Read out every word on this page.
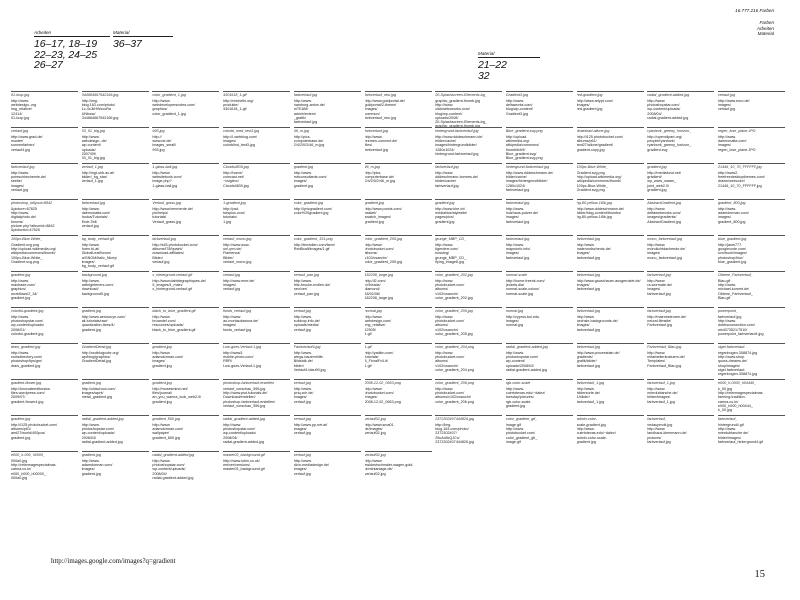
16.777.216 Farben
Farben
Arbeiten
Material
Arbeiten
16–17, 18–19
22–23, 24–25
26–27
Material
36–37
Material
21–22
32
01-loop.jpg
http://www.
webdesign-.org
img_relative/
12414/
01-loop.jpg
344684667542166.jpg
http://img.
blog.163.com/photo/
1c-4cJkHWxcuRa
UNbww/
344684667542166.jpg
color_gradient_1.jpg
http://www.
webdevelopersnotes.com/
graphics/
color_gradient_1.jpg
4301618_1.gif
http://reichelts.org/
produkte/
4301618_1.gif
farbverlauf.jpg
http://www.
hamburg-anton.de/
mTEAM/
admin/extern/
_grafik/
farbverlauf.jpg
farbverlauf_neu.jpg
http://www.goldportal.de/
goldportal/2-theme/
images/
common/
farbverlauf_neu.jpg
20-Splashscreen-Elements-bg_
graphic_gradient-thumb.jpg
http://www.
clickweboworks.com/
blog/wp-content/
uploads/2008/
20-Splashscreen-Elements-bg_
graphic_gradient-thumb.jpg
Gradient3.jpg
http://www.
deltaworks.com/
blog/wp-content/
Gradient3.jpg
red-gradient.jpg
http://www.artypt.com/
images/
red-gradient.jpg
radial_gradient-added.jpg
http://www.
photoshopstar.com/
wp-content/uploads/
2008/04/
radial-gradient-added.jpg
verlauf.jpg
http://www.euro.de/
images/
verlauf.jpg
verlauf.jpg
http://www.grad.de/
muster/
sonnenfarben/
verlauf4.jpg
03_01_big.jpg
http://www.
webdesign-.de/
wp-content/
uploads/
2007/09/
03_01_big.jpg
993.jpg
http://
www.rai.de/
images_small/
993.jpg
colorbl_med_test3.jpg
http://i-webblog.com/
images/
colorblind_test3.jpg
46_m.jpg
http://pics.
computerbase.de/
2/4/2/0/2/46_m.jpg
farbverlauf.jpg
http://www.
bremen-connect.de/
files/
farbverlauf.jpg
hintergrund-farbverlauf.jpg
http://www.dddeschmann.de/
bilder/cache/
images/hintergrundbilder/
1280x1024/
hintergrund-farbverlauf.jpg
Blue_gradient.svg.png
http://upload.
wikimedia.org/
wikipedia/commons/
thumb/b/b9/
Blue_gradient.svg/
Blue_gradient.svg.png
download-allone.jpg
http://i125.photobucket.com/
albums/p61/
amt27/allone/gradient/
gradient-copy.jpg
ryanbork_greeny_horizon_
http://openclipart.org/
people/ryanbork/
ryanbork_greeny_horizon_
gradient.svg
regen_lose_plane.JPG
http://www.
daemonatta.com/
images/
regen_lose_plane.JPG
farbverlauf.jpg
http://www.
poreschkechemie.de/
seetie/
images/
verlauf.jpg
verlauf_1.jpg
http://ingt-uhb.ac.at/
bilder/_bg_star/
verlauf_1.jpg
1-glass-ball.jpg
http://www.
websitetools.com/
image.php?
1-glass-ball.jpg
Clouds4839.jpg
http://home/
comcast.net/
~csiglerc/
Clouds4839.jpg
gradient.jpg
http://www.
mbconsultants.com/
images/
gradient.jpg
46_m.jpg
http://pics.
computerbase.de/
2/4/2/0/2/46_m.jpg
farbverlauf.jpg
http://www.
dddeschmann-bormes.de/
bilder/cache/
farbverlauf.jpg
hintergrund-farbverlauf.jpg
http://www.dddeschmann.de/
bilder/cache/
images/hintergrundbilder/
1280x1024/
farbverlauf.jpg
100px-Blue-White_
Gradient.svg.png
http://upload.wikimedia.org/
wikipedia/commons/thumb/
100px-Blue-White_
Gradient.svg.png
gradient.jpg
http://mediafund.net/
gradient/
wp_www_waarn_
joint_web2.0/
gradient.jpg
21446_10_70_FFFFFF.jpg
http://www2.
freefreedesktopthemes.com/
drawn/webcolor/
21446_10_70_FFFFFF.jpg
photoshop_billyout=8842
&picture=67825
http://www.
digitalphoto.de/
forums/
picture.php?albumid=8842
&pictureid=47825
farbverlauf.jpg
http://www.
daemonatta.com/
foolca/Tutorials/
Erde-Teil/
verlauf.jpg
Verlauf_grass.jpg
http://www.lemmerde.de/
pix/heipo/
tutorials/
Verlauf_grass.jpg
1-gradient.jpg
http://psd.
tutsplus.com/
tutorials/
1.jpg
color_gradient.jpg
http://lyricgradient.com/
color%20gradient.jpg
gradient.jpg
http://www.ponds.com/
basket/
swatch_images/
gradient.jpg
gradient.jpg
http://www.khe.ch/
mediahkw/stylesite/
pages/pics/
gradient.jpg
farbverlauf.jpg
http://www.
holzhaus-putzer.de/
images/
farbverlauf.jpg
hg-80-yellow-1t5b.jpg
http://www.dddeschmann.de/
bilder/blog-content/thumbs/
hg-80-yellow-1t5b.jpg
AbstractGradient.jpg
http://www.
deltawebworks.com/
images/gradients/
AbstractGradient.jpg
gradient_800.jpg
http://www.
adamdorman.com/
images/
gradient_800.jpg
100px-Blue-White_
Gradient.svg.png
http://upload.wikimedia.org/
wikipedia/commons/thumb/
100px-Blue-White_
Gradient.svg.png
bg_body_verlauf.gif
http://www.
foren.bi-at/
GlobalLeaf/forum/
a/GNGM/Italic_Nicey/
images/
bg_body_verlauf.gif
farbverlauf.jpg
http://s45.photobucket.com/
albums/f78/bpaint/
download-affiliates/
Bilder/
verlauf.jpg
verlauf_mono.jpg
http://www.wow-
uni-yrm.de/
Flamenca/
Bilder/
verlauf_mono.jpg
color_gradient_331.png
http://terradien.com/farm/
RedBcall/images/1.gif
color_gradient_205.jpg
http://www.
photobucket.com/
albums/
v102/csanchr/
color_gradient_205.jpg
grunge_MBP_CD_
http://www.
tigerdexr.com/
bossfng/
grunge_MBP_CD_
flying_image6.jpg
farbverlauf.jpg
http://www.
maproinfo.info/
images/
farbverlauf.jpg
farbverlauf.jpg
http://www.
malerundscheutz.de/
images/
farbverlauf.jpg
mono_farbverlauf.jpg
http://www.
monolichtdachende.de/
images/
mono_farbverlauf.jpg
blue_gradient.jpg
http://jasm777.
googlecode.com/
svn/trunk/images/
photoshop/blur/
blue_gradient.jpg
gradient.jpg
http://www.
maxtrade.com/
graphics/
workflows/2_34/
gradient.jpg
background.jpg
http://www.
artbrighteners.com/
download/
background5.jpg
x_hintergrund-verlauf.gif
http://www.dabblegraphiques.de/
5_images/4_main/
x_hintergrund-verlauf.gif
verlauf.jpg
http://www.mmr.de/
images/
verlauf.jpg
verlauf_pan.jpg
http://www.
fritz-brucke-mollen.de/
neu/ver/
verlauf_pan.jpg
182208_large.jpg
http://i2.com/
i/c9/eada/
diamond/
18/02/08/
182208_large.jpg
color_gradient_202.jpg
http://www.
photobucket.com/
albums/
v102/csanchr/
color_gradient_202.jpg
normal-scale
http://home.freenk.com/
jeckels.dia/
normal-scale-colour/
normal-scale.jpg
farbverlauf.jpg
http://www.gauschauer-ausgerustet.de/
images/
farbverlauf.jpg
farbverlauf.jpg
http://www.
ra-wormate.de/
images/
farbverlauf.jpg
Obtene_Farbverlauf_
Blau.gif
http://www.
michael-kommt.de/
Obtene_Farbverlauf_
Blau.gif
colorful-gradient.jpg
http://www.
photoshopstar.com/
wp-content/uploads/
2008/01/
colorful-gradient.jpg
gradient.jpg
http://www.aerosw.yn.com/
all-tutorials/raw/
quantization-fixes/4/
gradient.jpg
black_to_blue_gradient.gif
http://www.
bruandel.com/
resources/uploads/
black_to_blue_gradient.gif
fonds_verlauf.jpg
http://www.
ao-montaubarona.de/
images/
fonds_verlauf.jpg
verlauf.jpg
http://www.
subloop.info.de/
uploads/media/
verlauf.jpg
normal.jpg
http://www.
webdesign.com/
img_relative/
12505/
1.gif
color_gradient_205.jpg
http://www.
photobucket.com/
albums/
v102/csanchr/
color_gradient_205.jpg
normal.jpg
http://cyprus.bul.edu.
images/
normal.jpg
farbverlauf.jpg
http://www.
oechsle-backgrounds.de/
images/
farbverlauf.jpg
farbverlauf.jpg
http://maennsteuren.de/
neural-filmsite/
Farbverlauf.jpg
powerpoint_
farbverlauf.jpg
http://www.
dobbsconnection.com/
wb4073521/7510/
powerpoint_farbverlauf4.jpg
draw_gradient.jpg
http://www.
rootsdirectory.com/
photoshop/tips/gm/
draw_gradient.jpg
GradientDetail.jpg
http://rootbloguote.org/
wp/blog/graphics/
GradientDetail.jpg
gradient.jpg
http://www.
adamdorman.com/
images/
gradient.jpg
Low-goes-Verlauf-1.jpg
http://www3.
mobile-photo.com/
RRR/
Low-goes-Verlauf-1.jpg
Farbverlauf4.jpg
http://www.
wings-bauernhilfe.
Bildstdk.de/
bilder/
Verlauf4-blau90.jpg
1.gif
http://yadkin.com/
tutorials/
8_FloralFx/Lit/
1.gif
color_gradient_204.png
http://www.
photobucket.com/
albums/
v102/csanchr/
color_gradient_204.png
radial_gradient-added.jpg
http://www.
photoshopstar.com/
wp-content/
uploads/2008/02/
radial-gradient-added.jpg
farbverlauf.jpg
http://www.processtain.de/
gradients/
grafik/bilder/
farbverlauf.jpg
Farbverlauf_Blau.jpg
http://www.
mitarbeiterkostuem.de/
Templates/
Farbverlauf_Blau.jpg
sigel-farbverlauf-
regenbogen-308874.jpg
http://www.shop.
quora-dreams.de/
shop/images/
sigel-farbverlauf-
regenbogen-308874.jpg
gradient-flower.jpg
http://innovateeditorskw.
files.wordpress.com/
2009/07/
gradient-flower4.jpg
gradient.jpg
http://oldschool.com/
images/wpnt/
metal_gradient.jpg
gradient.jpg
http://mosesmlnd.net/
files/journal/
an_you_wanna_look_web2.0/
gradient.jpg
photoshop-farbverlauf-erstellen
verlauf_vorschau_596.jpg
http://www.psd-tutorials.de/
Download/erstellen/
photoshop-farbverlauf-erstellen/
verlauf_vorschau_596.jpg
verlauf.jpg
http://www.
jcnq.cch.de/
images/
verlauf.jpg
2008-12-02_0653.png
http://www.
photobucket.com/
images/
2008-12-02_0653.png
color_gradient_206.png
http://www.
photobucket.com/
albums/v102/csanchr/
color_gradient_206.png
rgb-color-scale
http://www.
cuertotexas.edu/~dalez/
tuesday/pictures/
rgb-color-scale-
gradient.jpg
farbverlauf_1.jpg
http://www.
bildersorte.de/
1/bilder/
farbverlauf_1.jpg
farbverlauf_1.jpg
http://www.
mierdublanche.de/
bilder/images/
farbverlauf_1.jpg
e000_h-0000_h04440_
k_00.jpg
http://refarmagespecialmas.
farming-tradition.
carma.co.kr/
e000_h000_h00444_
k_00.jpg
gradient.jpg
http://i125.photobucket.com/
albums/p61/
amt27/world/400pos/
gradient.jpg
radial_gradient-added.jpg
http://www.
photoshopstar.com/
wp-content/uploads/
2008/04/
radial-gradient-added.jpg
gradient_800.jpg
http://www.
adamdorman.com/
wallpaper/
gradient_800.jpg
radial_gradient-added.jpg
http://www.
photoshopstar.com/
wp-content/uploads/
2008/04/
radial-gradient-added.jpg
verlauf.jpg
http://www.pp-net.at/
images/
verlauf.jpg
verlauf02.jpg
http://www.sma01.
de/images/
verlauf02.jpg
2372302407444826.jpg
http://img.
blog.163.com/photo/
2372302407/
29cAc5kQJCx/
2372302407444826.jpg
color_gradient_gtl_
image.gif
http://www.
photobucket.com/
color_gradient_gtl_
image.gif
admin-color-
scale-gradient.jpg
http://www.
cuertotexas.edu/~dalez/
admin-color-scale-
gradient.jpg
farbverlauf_
vedaupmolt.jpg
http://www.
landhaus-klemmann.de/
pictures/
farbverlauf.jpg
farbverlauf_
hintergrund4.gif
http://www.
mierdublanche.de/
bilder/images/
farbverlauf_hintergrund4.gif
e000_h-000_h0000_
000a0.jpg
http://refarmagespecialmas.
carma.co.kr/
e000_h000_h00000_
000a0.jpg
gradient.jpg
http://www.
adamdorman.com/
images/
gradient.jpg
radial_gradient-added.jpg
http://www.
photoshopstar.com/
wp-content/uploads/
2008/04/
radial-gradient-added.jpg
master03_background.gif
http://www.lubin.co.uk/
emixer/versions/
master03_background.gif
verlauf.jpg
http://www.
dion-mediadesign.de/
images/
verlauf.jpg
verlauf02.jpg
http://www.
ewldeutschmaler-wagen.gold.
dominianlage.de/
verlauf02.jpg
http://images.google.com/images?q=gradient
15
